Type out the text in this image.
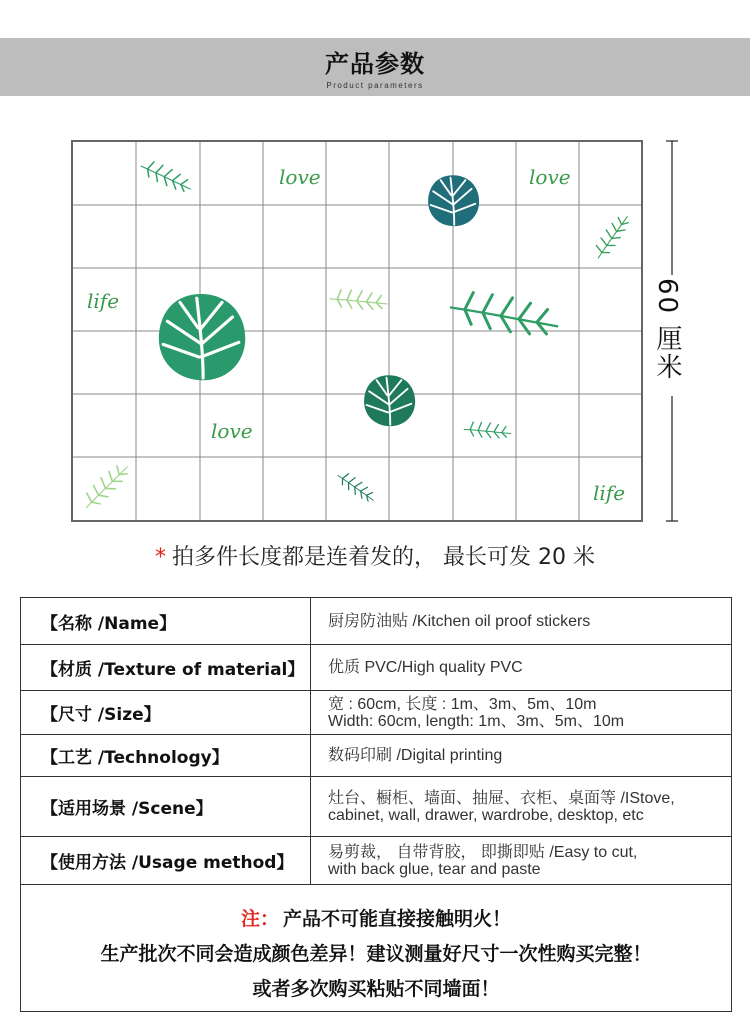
产品参数
Product parameters
love	love
love
life
life
60 厘米
* 拍多件长度都是连着发的， 最长可发 20 米
【名称 /Name】	厨房防油贴 /Kitchen oil proof stickers

【材质 /Texture of material】	优质 PVC/High quality PVC

【尺寸 /Size】	宽 : 60cm, 长度 : 1m、3m、5m、10m
Width: 60cm, length: 1m、3m、5m、10m

【工艺 /Technology】	数码印刷 /Digital printing

【适用场景 /Scene】	灶台、橱柜、墙面、抽屉、衣柜、桌面等 /IStove,
cabinet, wall, drawer, wardrobe, desktop, etc

【使用方法 /Usage method】	易剪裁， 自带背胶， 即撕即贴 /Easy to cut,
with back glue, tear and paste
注： 产品不可能直接接触明火！
生产批次不同会造成颜色差异！建议测量好尺寸一次性购买完整！
或者多次购买粘贴不同墙面！
